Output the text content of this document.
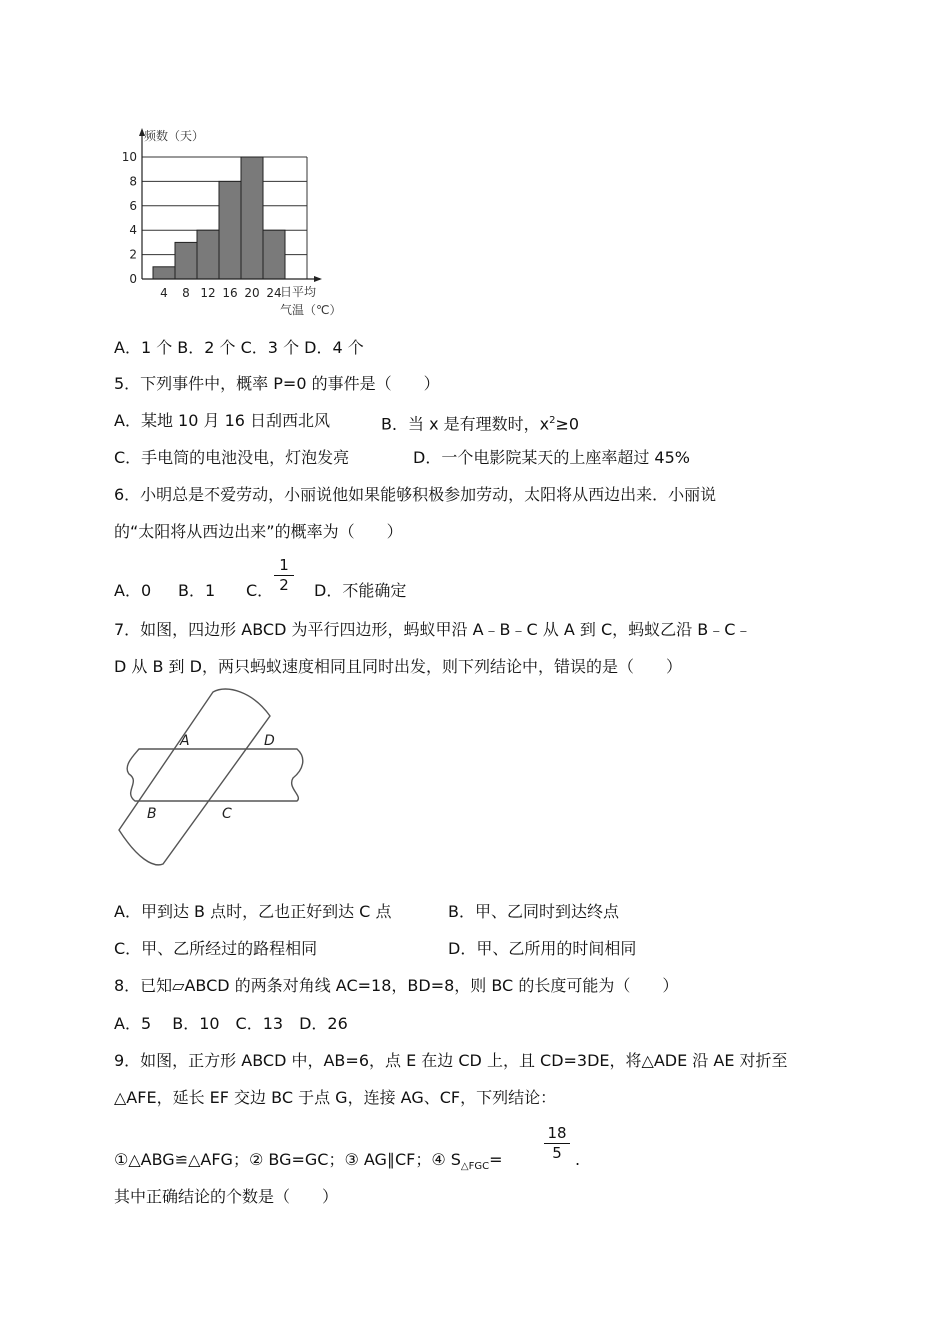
0
2
4
6
8
10
4 8 12 16 20 24
频数（天）
日平均
气温（℃）
A．1 个 B．2 个 C．3 个 D．4 个
5．下列事件中，概率 P=0 的事件是（　　）
A．某地 10 月 16 日刮西北风	B．当 x 是有理数时，$x^2\ge 0$
C．手电筒的电池没电，灯泡发亮	D．一个电影院某天的上座率超过 45%
6．小明总是不爱劳动，小丽说他如果能够积极参加劳动，太阳将从西边出来．小丽说
的“太阳将从西边出来”的概率为（　　）
A．0 B．1 C．
1
2	D．不能确定
7．如图，四边形 ABCD 为平行四边形，蚂蚁甲沿 A﹣B﹣C 从 A 到 C，蚂蚁乙沿 B﹣C﹣
D 从 B 到 D，两只蚂蚁速度相同且同时出发，则下列结论中，错误的是（　　）
A	D
B	C
A．甲到达 B 点时，乙也正好到达 C 点	B．甲、乙同时到达终点
C．甲、乙所经过的路程相同	D．甲、乙所用的时间相同
8．已知▱ABCD 的两条对角线 AC=18，BD=8，则 BC 的长度可能为（　　）
A．5　 B．10　C．13　D．26
9．如图，正方形 ABCD 中，AB=6，点 E 在边 CD 上，且 CD=3DE，将△ADE 沿 AE 对折至
△AFE，延长 EF 交边 BC 于点 G，连接 AG、CF，下列结论：
①△ABG≌△AFG；② BG=GC；③ AG∥CF；④ $S_{\triangle FGC}=$
18
5 .
其中正确结论的个数是（　　）
